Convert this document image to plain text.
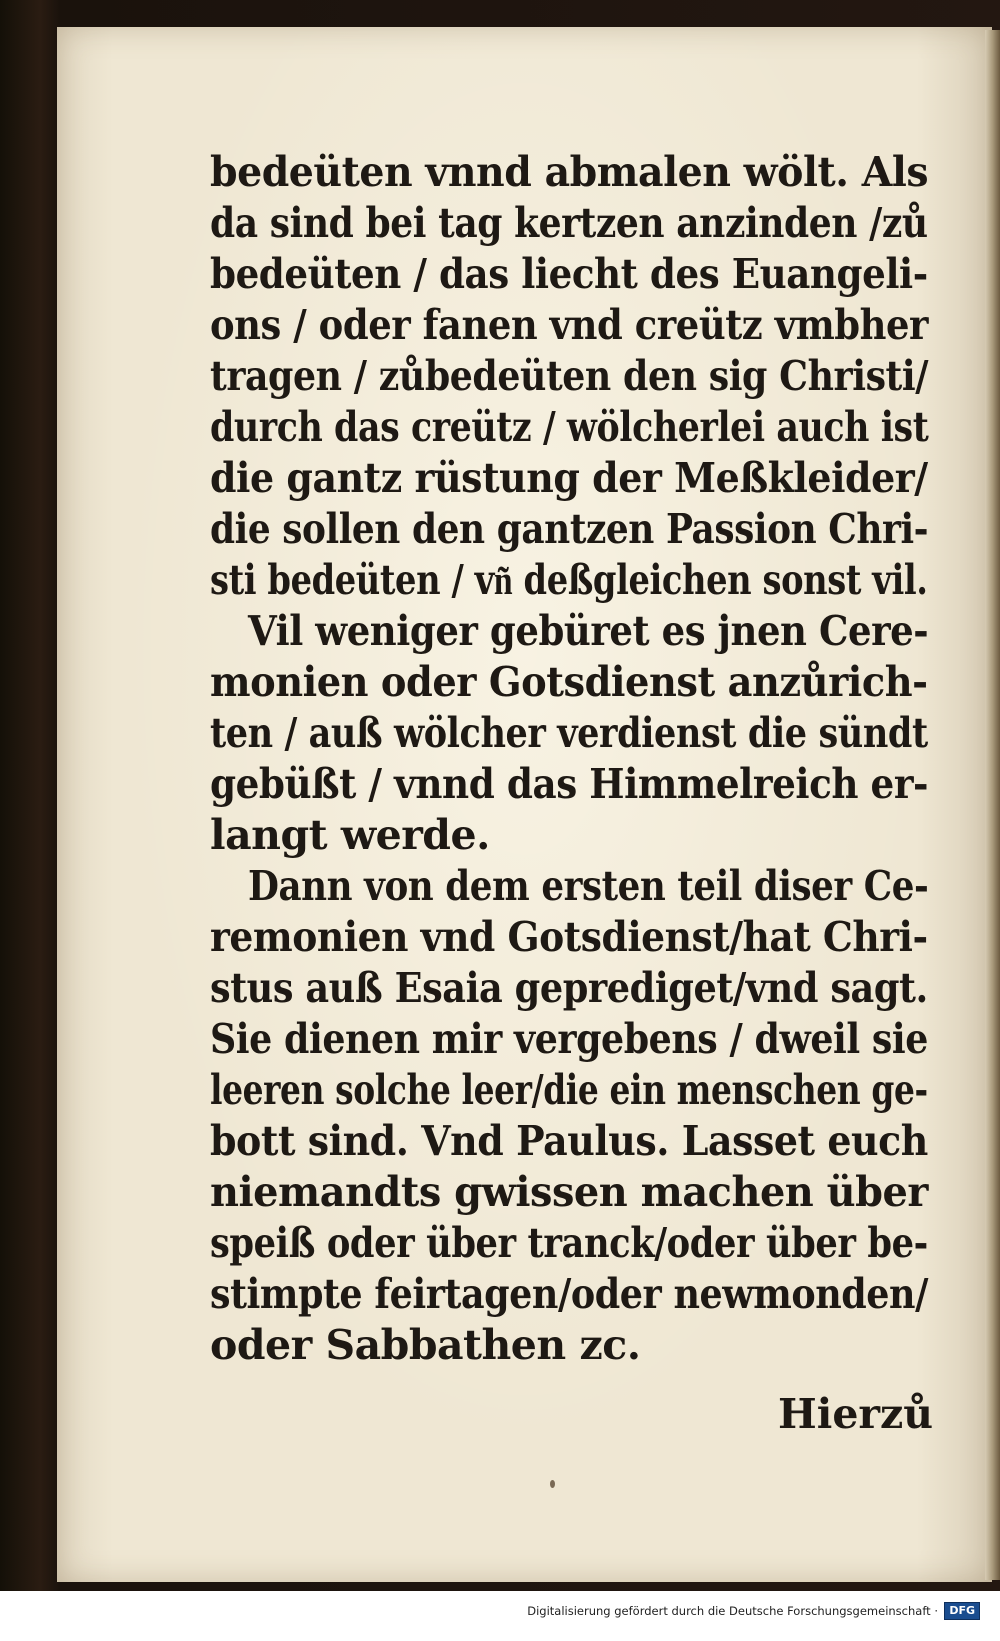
bedeüten vnnd abmalen wölt. Als
da sind bei tag kertzen anzinden /zů
bedeüten / das liecht des Euangeli-
ons / oder fanen vnd creütz vmbher
tragen / zůbedeüten den sig Christi/
durch das creütz / wölcherlei auch ist
die gantz rüstung der Meßkleider/
die sollen den gantzen Passion Chri-
sti bedeüten / vn͂ deßgleichen sonst vil.
Vil weniger gebüret es jnen Cere-
monien oder Gotsdienst anzůrich-
ten / auß wölcher verdienst die sündt
gebüßt / vnnd das Himmelreich er-
langt werde.
Dann von dem ersten teil diser Ce-
remonien vnd Gotsdienst/hat Chri-
stus auß Esaia geprediget/vnd sagt.
Sie dienen mir vergebens / dweil sie
leeren solche leer/die ein menschen ge-
bott sind. Vnd Paulus. Lasset euch
niemandts gwissen machen über
speiß oder über tranck/oder über be-
stimpte feirtagen/oder newmonden/
oder Sabbathen zc.
Hierzů
Digitalisierung gefördert durch die Deutsche Forschungsgemeinschaft ·	DFG
